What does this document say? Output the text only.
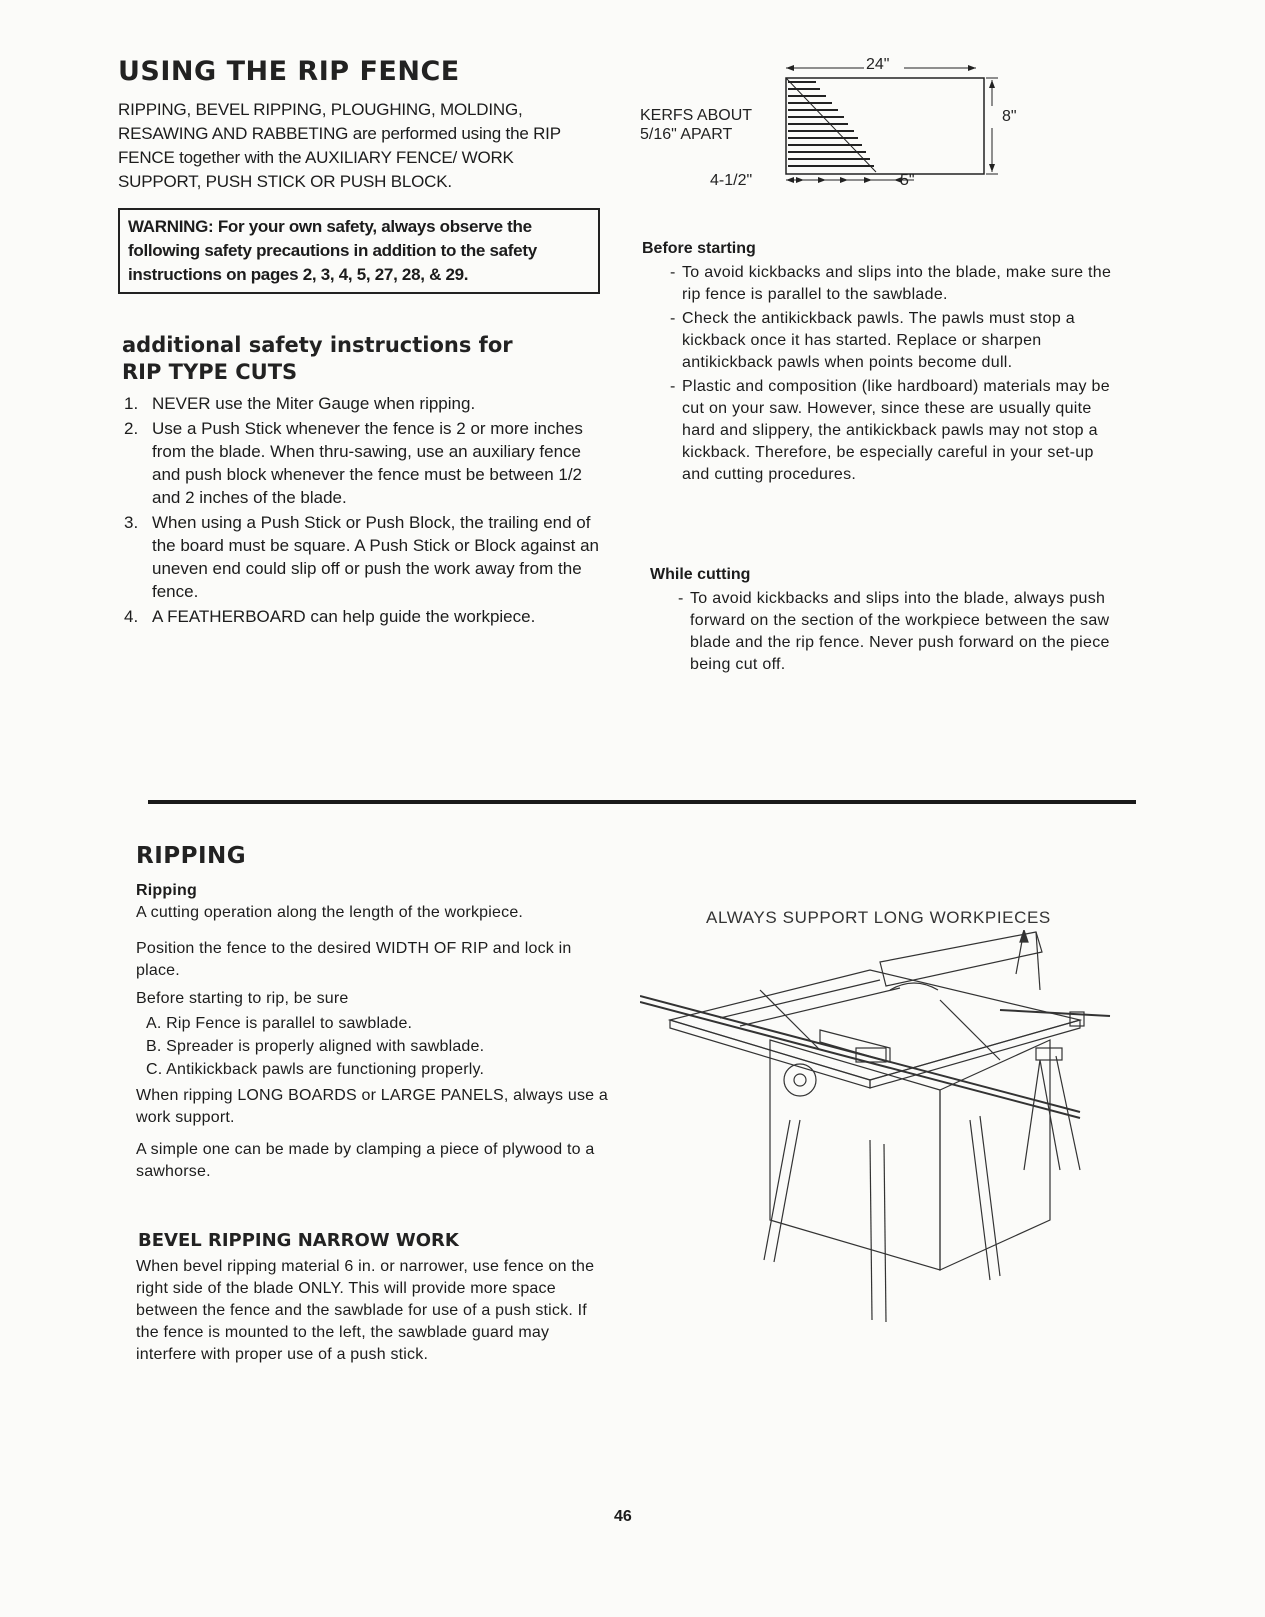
USING THE RIP FENCE

RIPPING, BEVEL RIPPING, PLOUGHING, MOLDING, RESAWING AND RABBETING are performed using the RIP FENCE together with the AUXILIARY FENCE/ WORK SUPPORT, PUSH STICK OR PUSH BLOCK.

WARNING: For your own safety, always observe the following safety precautions in addition to the safety instructions on pages 2, 3, 4, 5, 27, 28, & 29.
additional safety instructions for
RIP TYPE CUTS
1. NEVER use the Miter Gauge when ripping.
2. Use a Push Stick whenever the fence is 2 or more inches from the blade. When thru-sawing, use an auxiliary fence and push block whenever the fence must be between 1/2 and 2 inches of the blade.
3. When using a Push Stick or Push Block, the trailing end of the board must be square. A Push Stick or Block against an uneven end could slip off or push the work away from the fence.
4. A FEATHERBOARD can help guide the workpiece.
24"
8"
KERFS ABOUT
5/16" APART
4-1/2"	5"

Before starting

- To avoid kickbacks and slips into the blade, make sure the rip fence is parallel to the sawblade.
- Check the antikickback pawls. The pawls must stop a kickback once it has started. Replace or sharpen antikickback pawls when points become dull.
- Plastic and composition (like hardboard) materials may be cut on your saw. However, since these are usually quite hard and slippery, the antikickback pawls may not stop a kickback. Therefore, be especially careful in your set-up and cutting procedures.

While cutting

- To avoid kickbacks and slips into the blade, always push forward on the section of the workpiece between the saw blade and the rip fence. Never push forward on the piece being cut off.
RIPPING

Ripping

A cutting operation along the length of the workpiece.

Position the fence to the desired WIDTH OF RIP and lock in place.

Before starting to rip, be sure

A. Rip Fence is parallel to sawblade.
B. Spreader is properly aligned with sawblade.
C. Antikickback pawls are functioning properly.

When ripping LONG BOARDS or LARGE PANELS, always use a work support.

A simple one can be made by clamping a piece of plywood to a sawhorse.

BEVEL RIPPING NARROW WORK

When bevel ripping material 6 in. or narrower, use fence on the right side of the blade ONLY. This will provide more space between the fence and the sawblade for use of a push stick. If the fence is mounted to the left, the sawblade guard may interfere with proper use of a push stick.

ALWAYS SUPPORT LONG WORKPIECES

46
